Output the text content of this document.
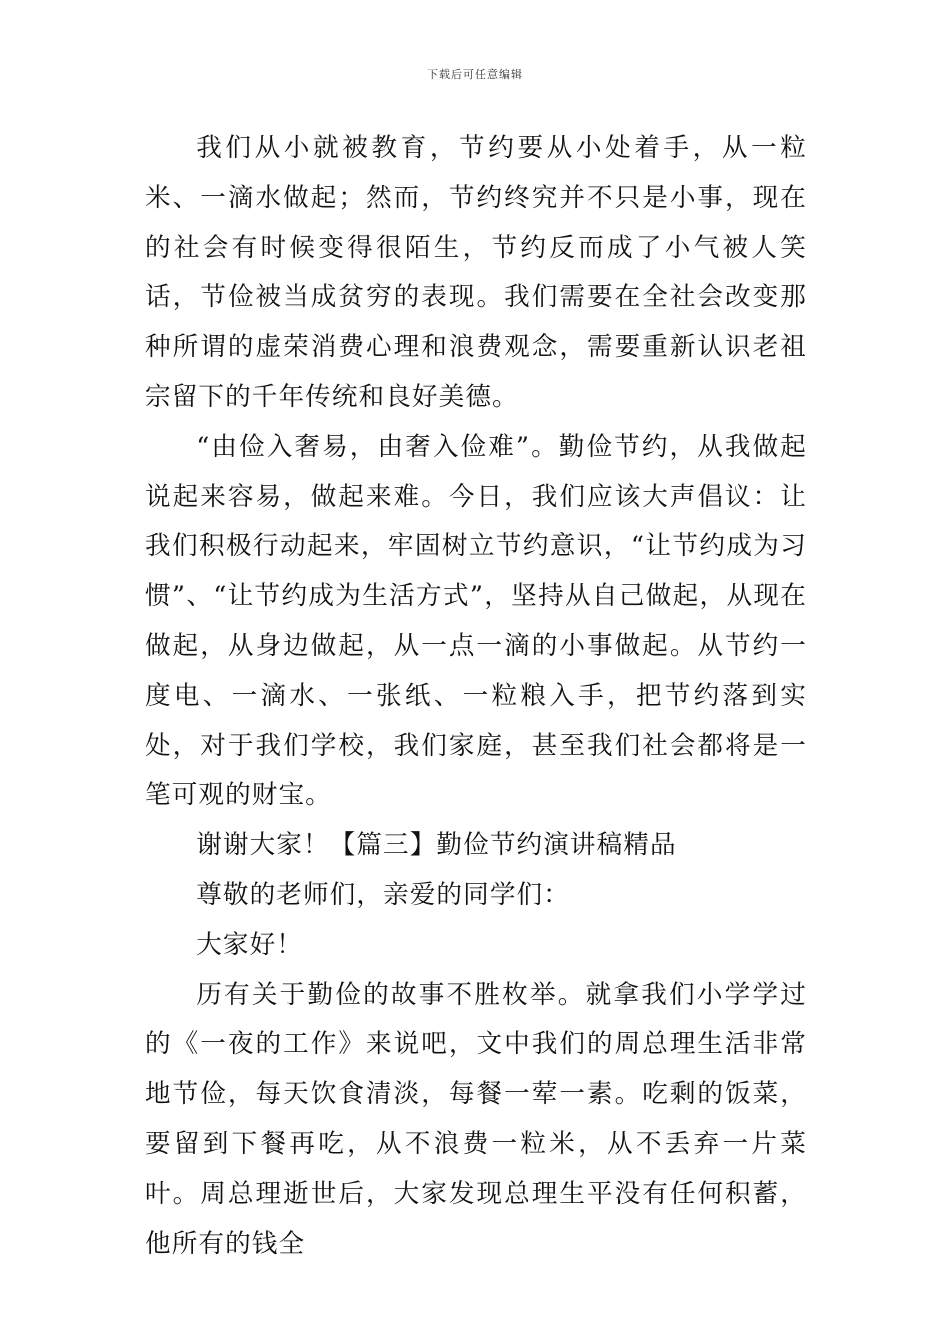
下载后可任意编辑

我们从小就被教育，节约要从小处着手，从一粒米、一滴水做起；然而，节约终究并不只是小事，现在的社会有时候变得很陌生，节约反而成了小气被人笑话，节俭被当成贫穷的表现。我们需要在全社会改变那种所谓的虚荣消费心理和浪费观念，需要重新认识老祖宗留下的千年传统和良好美德。

“由俭入奢易，由奢入俭难”。勤俭节约，从我做起说起来容易，做起来难。今日，我们应该大声倡议：让我们积极行动起来，牢固树立节约意识，“让节约成为习惯”、“让节约成为生活方式”，坚持从自己做起，从现在做起，从身边做起，从一点一滴的小事做起。从节约一度电、一滴水、一张纸、一粒粮入手，把节约落到实处，对于我们学校，我们家庭，甚至我们社会都将是一笔可观的财宝。

谢谢大家！【篇三】勤俭节约演讲稿精品

尊敬的老师们，亲爱的同学们：

大家好！

历有关于勤俭的故事不胜枚举。就拿我们小学学过的《一夜的工作》来说吧，文中我们的周总理生活非常地节俭，每天饮食清淡，每餐一荤一素。吃剩的饭菜，要留到下餐再吃，从不浪费一粒米，从不丢弃一片菜叶。周总理逝世后，大家发现总理生平没有任何积蓄，他所有的钱全
